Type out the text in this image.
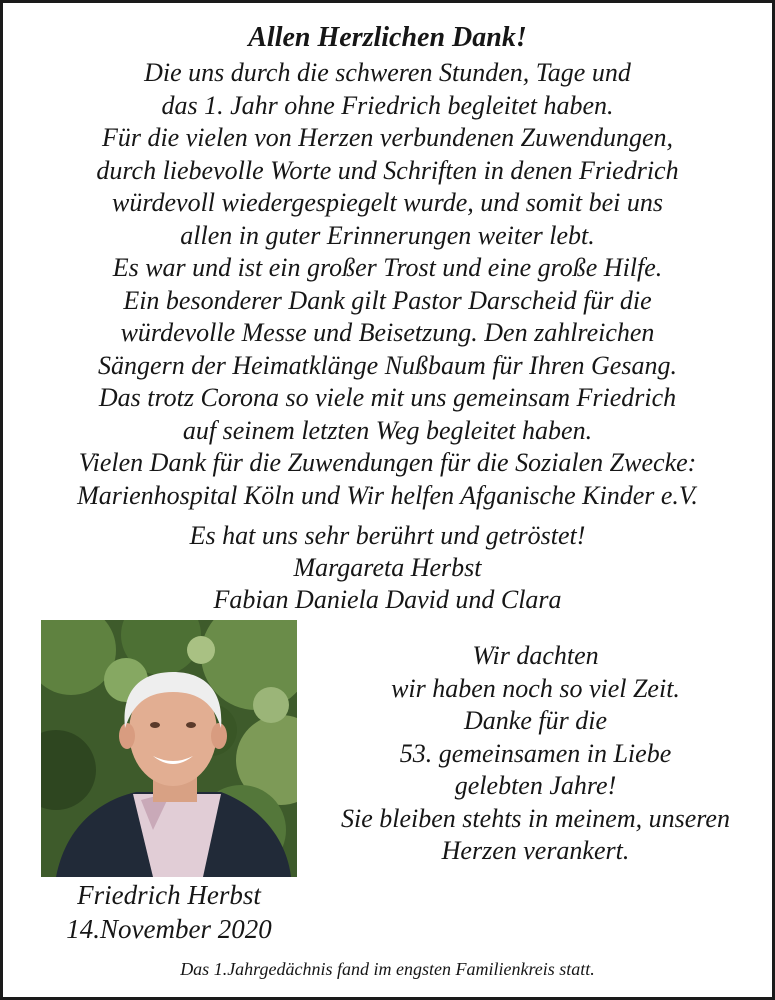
Allen Herzlichen Dank!
Die uns durch die schweren Stunden, Tage und
das 1. Jahr ohne Friedrich begleitet haben.
Für die vielen von Herzen verbundenen Zuwendungen,
durch liebevolle Worte und Schriften in denen Friedrich
würdevoll wiedergespiegelt wurde, und somit bei uns
allen in guter Erinnerungen weiter lebt.
Es war und ist ein großer Trost und eine große Hilfe.
Ein besonderer Dank gilt Pastor Darscheid für die
würdevolle Messe und Beisetzung. Den zahlreichen
Sängern der Heimatklänge Nußbaum für Ihren Gesang.
Das trotz Corona so viele mit uns gemeinsam Friedrich
auf seinem letzten Weg begleitet haben.
Vielen Dank für die Zuwendungen für die Sozialen Zwecke:
Marienhospital Köln und Wir helfen Afganische Kinder e.V.
Es hat uns sehr berührt und getröstet!
Margareta Herbst
Fabian Daniela David und Clara
Wir dachten
wir haben noch so viel Zeit.
Danke für die
53. gemeinsamen in Liebe
gelebten Jahre!
Sie bleiben stehts in meinem, unseren
Herzen verankert.
Friedrich Herbst
14.November 2020
Das 1.Jahrgedächnis fand im engsten Familienkreis statt.
